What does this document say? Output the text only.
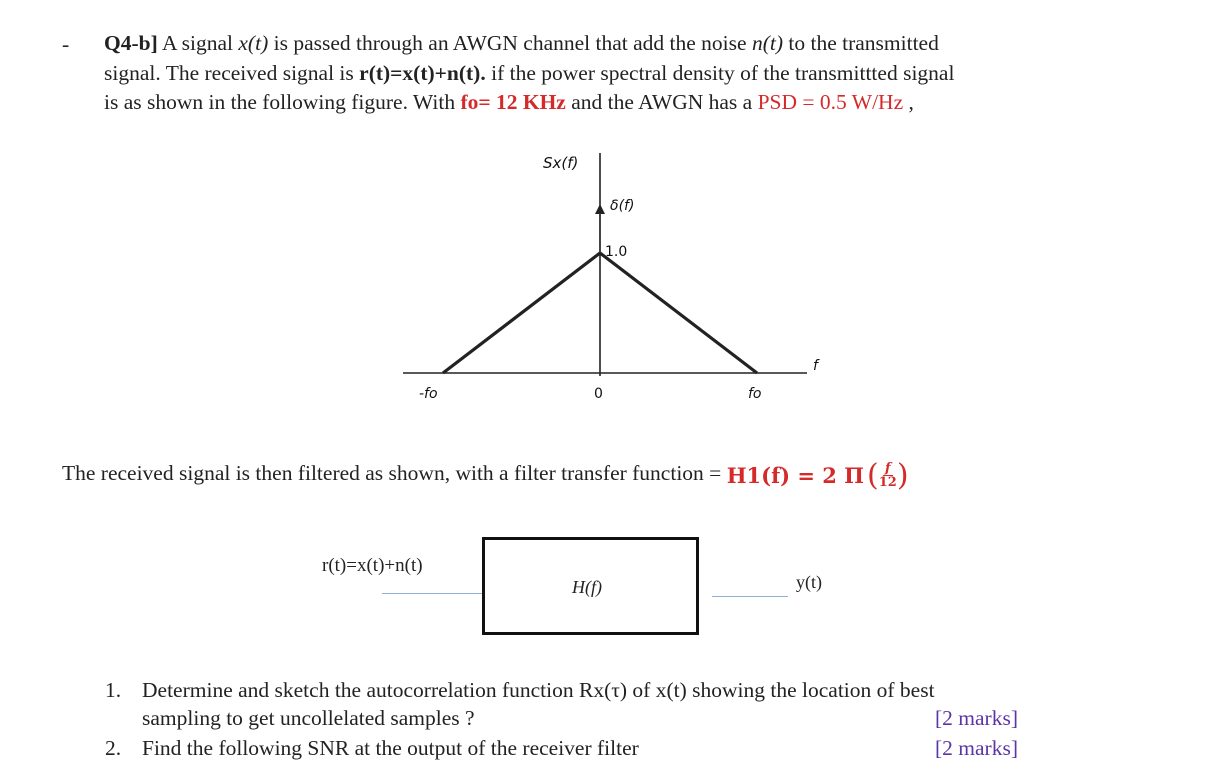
- Q4-b] A signal x(t) is passed through an AWGN channel that add the noise n(t) to the transmitted
signal. The received signal is r(t)=x(t)+n(t). if the power spectral density of the transmittted signal
is as shown in the following figure. With fo= 12 KHz and the AWGN has a PSD = 0.5 W/Hz ,
Sx(f)
δ(f)
1.0
f
-fo	0	fo
The received signal is then filtered as shown, with a filter transfer function = H1(f) = 2 Π ( $\frac{f}{12}$ )
r(t)=x(t)+n(t)
H(f)	y(t)
1. Determine and sketch the autocorrelation function Rx(τ) of x(t) showing the location of best
sampling to get uncollelated samples ?	[2 marks]
2. Find the following SNR at the output of the receiver filter	[2 marks]
